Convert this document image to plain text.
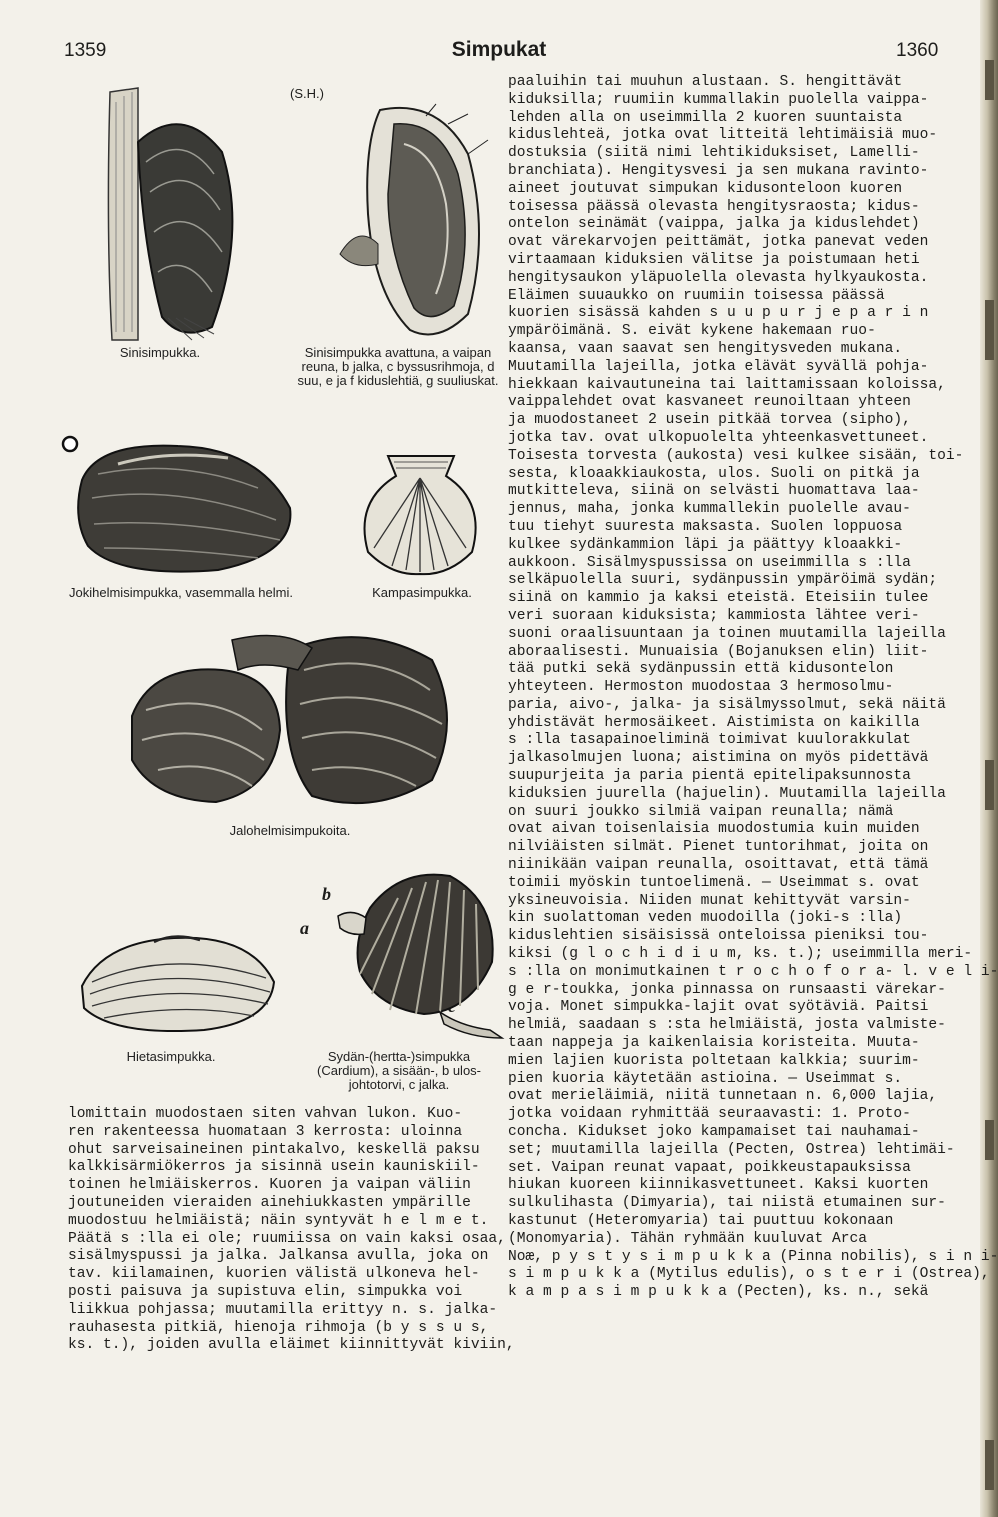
1359	Simpukat	1360
Sinisimpukka.
(S.H.)
Sinisimpukka avattuna, a vaipan reuna, b jalka, c byssusrihmoja, d suu, e ja f kiduslehtiä, g suuliuskat.
Jokihelmisimpukka, vasemmalla helmi.	Kampasimpukka.
Jalohelmisimpukoita.
Hietasimpukka.
b
a
Sydän-(hertta-)simpukka (Cardium), a sisään-, b ulos-johtotorvi, c jalka.
lomittain muodostaen siten vahvan lukon. Kuo-
ren rakenteessa huomataan 3 kerrosta: uloinna
ohut sarveisaineinen pintakalvo, keskellä paksu
kalkkisärmiökerros ja sisinnä usein kauniskiil-
toinen helmiäiskerros. Kuoren ja vaipan väliin
joutuneiden vieraiden ainehiukkasten ympärille
muodostuu helmiäistä; näin syntyvät h e l m e t.
Päätä s :lla ei ole; ruumiissa on vain kaksi osaa,
sisälmyspussi ja jalka. Jalkansa avulla, joka on
tav. kiilamainen, kuorien välistä ulkoneva hel-
posti paisuva ja supistuva elin, simpukka voi
liikkua pohjassa; muutamilla erittyy n. s. jalka-
rauhasesta pitkiä, hienoja rihmoja (b y s s u s,
ks. t.), joiden avulla eläimet kiinnittyvät kiviin,
paaluihin tai muuhun alustaan. S. hengittävät
kiduksilla; ruumiin kummallakin puolella vaippa-
lehden alla on useimmilla 2 kuoren suuntaista
kiduslehteä, jotka ovat litteitä lehtimäisiä muo-
dostuksia (siitä nimi lehtikiduksiset, Lamelli-
branchiata). Hengitysvesi ja sen mukana ravinto-
aineet joutuvat simpukan kidusonteloon kuoren
toisessa päässä olevasta hengitysraosta; kidus-
ontelon seinämät (vaippa, jalka ja kiduslehdet)
ovat värekarvojen peittämät, jotka panevat veden
virtaamaan kiduksien välitse ja poistumaan heti
hengitysaukon yläpuolella olevasta hylkyaukosta.
Eläimen suuaukko on ruumiin toisessa päässä
kuorien sisässä kahden s u u p u r j e p a r i n
ympäröimänä. S. eivät kykene hakemaan ruo-
kaansa, vaan saavat sen hengitysveden mukana.
Muutamilla lajeilla, jotka elävät syvällä pohja-
hiekkaan kaivautuneina tai laittamissaan koloissa,
vaippalehdet ovat kasvaneet reunoiltaan yhteen
ja muodostaneet 2 usein pitkää torvea (sipho),
jotka tav. ovat ulkopuolelta yhteenkasvettuneet.
Toisesta torvesta (aukosta) vesi kulkee sisään, toi-
sesta, kloaakkiaukosta, ulos. Suoli on pitkä ja
mutkitteleva, siinä on selvästi huomattava laa-
jennus, maha, jonka kummallekin puolelle avau-
tuu tiehyt suuresta maksasta. Suolen loppuosa
kulkee sydänkammion läpi ja päättyy kloaakki-
aukkoon. Sisälmyspussissa on useimmilla s :lla
selkäpuolella suuri, sydänpussin ympäröimä sydän;
siinä on kammio ja kaksi eteistä. Eteisiin tulee
veri suoraan kiduksista; kammiosta lähtee veri-
suoni oraalisuuntaan ja toinen muutamilla lajeilla
aboraalisesti. Munuaisia (Bojanuksen elin) liit-
tää putki sekä sydänpussin että kidusontelon
yhteyteen. Hermoston muodostaa 3 hermosolmu-
paria, aivo-, jalka- ja sisälmyssolmut, sekä näitä
yhdistävät hermosäikeet. Aistimista on kaikilla
s :lla tasapainoeliminä toimivat kuulorakkulat
jalkasolmujen luona; aistimina on myös pidettävä
suupurjeita ja paria pientä epitelipaksunnosta
kiduksien juurella (hajuelin). Muutamilla lajeilla
on suuri joukko silmiä vaipan reunalla; nämä
ovat aivan toisenlaisia muodostumia kuin muiden
nilviäisten silmät. Pienet tuntorihmat, joita on
niinikään vaipan reunalla, osoittavat, että tämä
toimii myöskin tuntoelimenä. — Useimmat s. ovat
yksineuvoisia. Niiden munat kehittyvät varsin-
kin suolattoman veden muodoilla (joki-s :lla)
kiduslehtien sisäisissä onteloissa pieniksi tou-
kiksi (g l o c h i d i u m, ks. t.); useimmilla meri-
s :lla on monimutkainen t r o c h o f o r a- l. v e l i-
g e r-toukka, jonka pinnassa on runsaasti värekar-
voja. Monet simpukka-lajit ovat syötäviä. Paitsi
helmiä, saadaan s :sta helmiäistä, josta valmiste-
taan nappeja ja kaikenlaisia koristeita. Muuta-
mien lajien kuorista poltetaan kalkkia; suurim-
pien kuoria käytetään astioina. — Useimmat s.
ovat merieläimiä, niitä tunnetaan n. 6,000 lajia,
jotka voidaan ryhmittää seuraavasti: 1. Proto-
concha. Kidukset joko kampamaiset tai nauhamai-
set; muutamilla lajeilla (Pecten, Ostrea) lehtimäi-
set. Vaipan reunat vapaat, poikkeustapauksissa
hiukan kuoreen kiinnikasvettuneet. Kaksi kuorten
sulkulihasta (Dimyaria), tai niistä etumainen sur-
kastunut (Heteromyaria) tai puuttuu kokonaan
(Monomyaria). Tähän ryhmään kuuluvat Arca
Noæ, p y s t y s i m p u k k a (Pinna nobilis), s i n i-
s i m p u k k a (Mytilus edulis), o s t e r i (Ostrea),
k a m p a s i m p u k k a (Pecten), ks. n., sekä
